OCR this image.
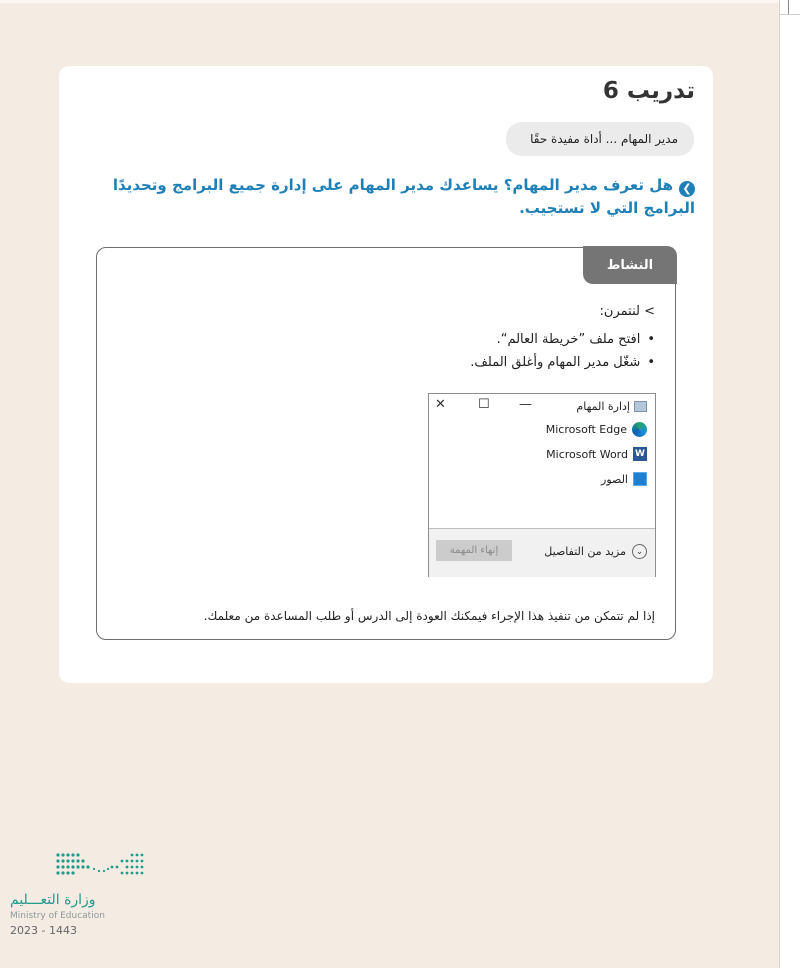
تدريب 6
مدير المهام ... أداة مفيدة حقًا
❯هل تعرف مدير المهام؟ يساعدك مدير المهام على إدارة جميع البرامج وتحديدًا البرامج التي لا تستجيب.
النشاط
> لنتمرن:
• افتح ملف ”خريطة العالم“.
• شغّل مدير المهام وأغلق الملف.
إدارة المهام
✕ ☐ —
Microsoft Edge
W
Microsoft Word
الصور
⌄
مزيد من التفاصيل
إنهاء المهمة
إذا لم تتمكن من تنفيذ هذا الإجراء فيمكنك العودة إلى الدرس أو طلب المساعدة من معلمك.
وزارة التعـــليم
Ministry of Education
2023 - 1443
